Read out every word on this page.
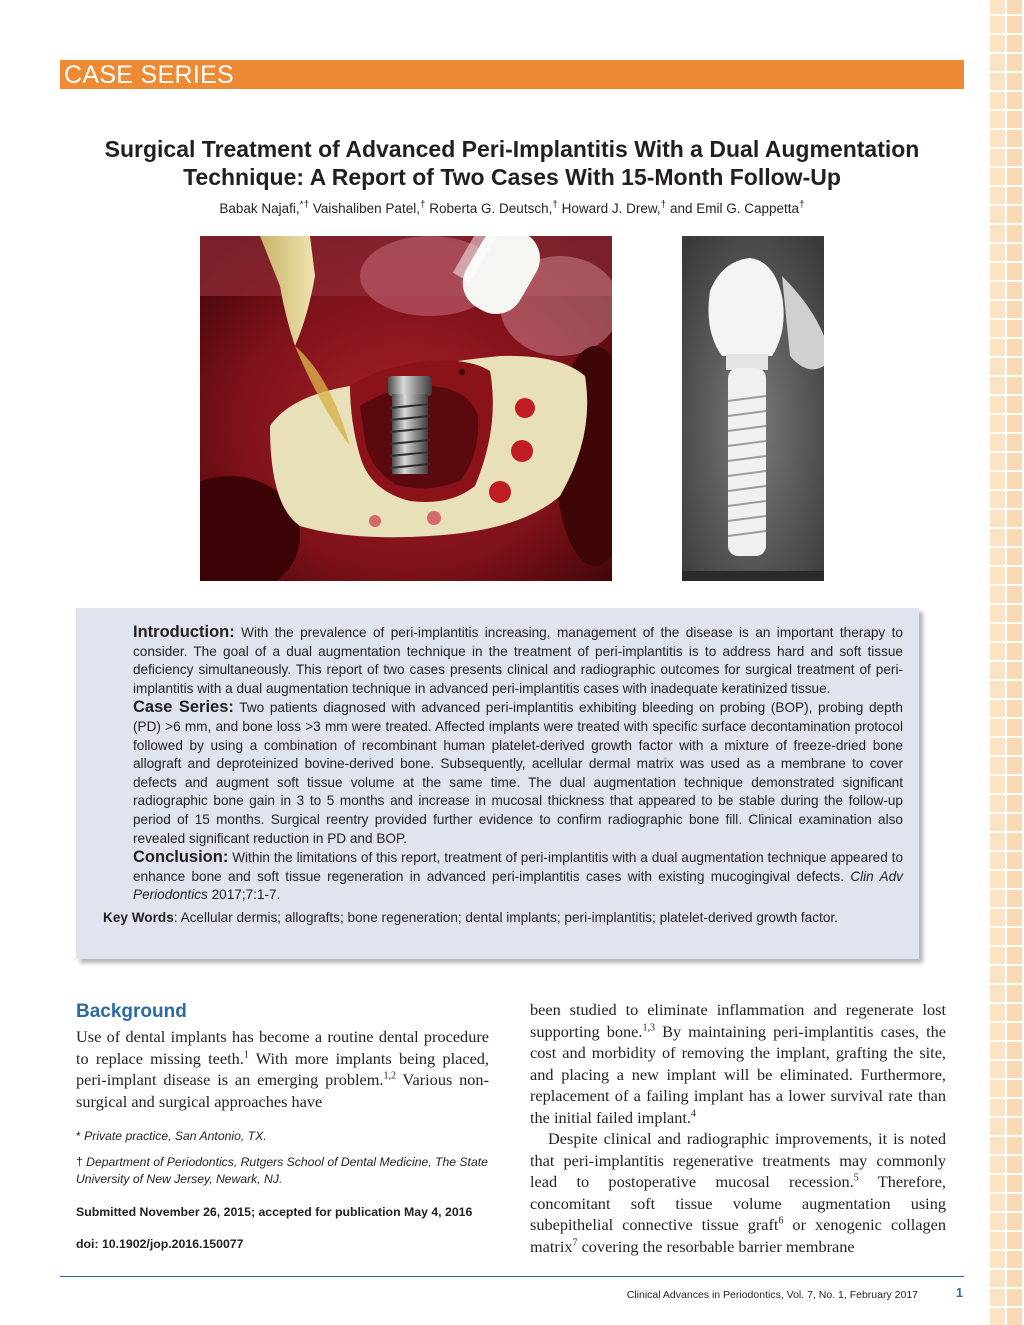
CASE SERIES
Surgical Treatment of Advanced Peri-Implantitis With a Dual Augmentation
Technique: A Report of Two Cases With 15-Month Follow-Up
Babak Najafi,*† Vaishaliben Patel,† Roberta G. Deutsch,† Howard J. Drew,† and Emil G. Cappetta†

Introduction: With the prevalence of peri-implantitis increasing, management of the disease is an important therapy to consider. The goal of a dual augmentation technique in the treatment of peri-implantitis is to address hard and soft tissue deficiency simultaneously. This report of two cases presents clinical and radiographic outcomes for surgical treatment of peri-implantitis with a dual augmentation technique in advanced peri-implantitis cases with inadequate keratinized tissue.

Case Series: Two patients diagnosed with advanced peri-implantitis exhibiting bleeding on probing (BOP), probing depth (PD) >6 mm, and bone loss >3 mm were treated. Affected implants were treated with specific surface decontamination protocol followed by using a combination of recombinant human platelet-derived growth factor with a mixture of freeze-dried bone allograft and deproteinized bovine-derived bone. Subsequently, acellular dermal matrix was used as a membrane to cover defects and augment soft tissue volume at the same time. The dual augmentation technique demonstrated significant radiographic bone gain in 3 to 5 months and increase in mucosal thickness that appeared to be stable during the follow-up period of 15 months. Surgical reentry provided further evidence to confirm radiographic bone fill. Clinical examination also revealed significant reduction in PD and BOP.

Conclusion: Within the limitations of this report, treatment of peri-implantitis with a dual augmentation technique appeared to enhance bone and soft tissue regeneration in advanced peri-implantitis cases with existing mucogingival defects. Clin Adv Periodontics 2017;7:1-7.

Key Words: Acellular dermis; allografts; bone regeneration; dental implants; peri-implantitis; platelet-derived growth factor.
Background

Use of dental implants has become a routine dental procedure to replace missing teeth.$^1$ With more implants being placed, peri-implant disease is an emerging problem.$^{1,2}$ Various non-surgical and surgical approaches have

* Private practice, San Antonio, TX.
† Department of Periodontics, Rutgers School of Dental Medicine, The State University of New Jersey, Newark, NJ.
Submitted November 26, 2015; accepted for publication May 4, 2016
doi: 10.1902/jop.2016.150077

been studied to eliminate inflammation and regenerate lost supporting bone.$^{1,3}$ By maintaining peri-implantitis cases, the cost and morbidity of removing the implant, grafting the site, and placing a new implant will be eliminated. Furthermore, replacement of a failing implant has a lower survival rate than the initial failed implant.$^4$

Despite clinical and radiographic improvements, it is noted that peri-implantitis regenerative treatments may commonly lead to postoperative mucosal recession.$^5$ Therefore, concomitant soft tissue volume augmentation using subepithelial connective tissue graft$^6$ or xenogenic collagen matrix$^7$ covering the resorbable barrier membrane

Clinical Advances in Periodontics, Vol. 7, No. 1, February 2017	1
